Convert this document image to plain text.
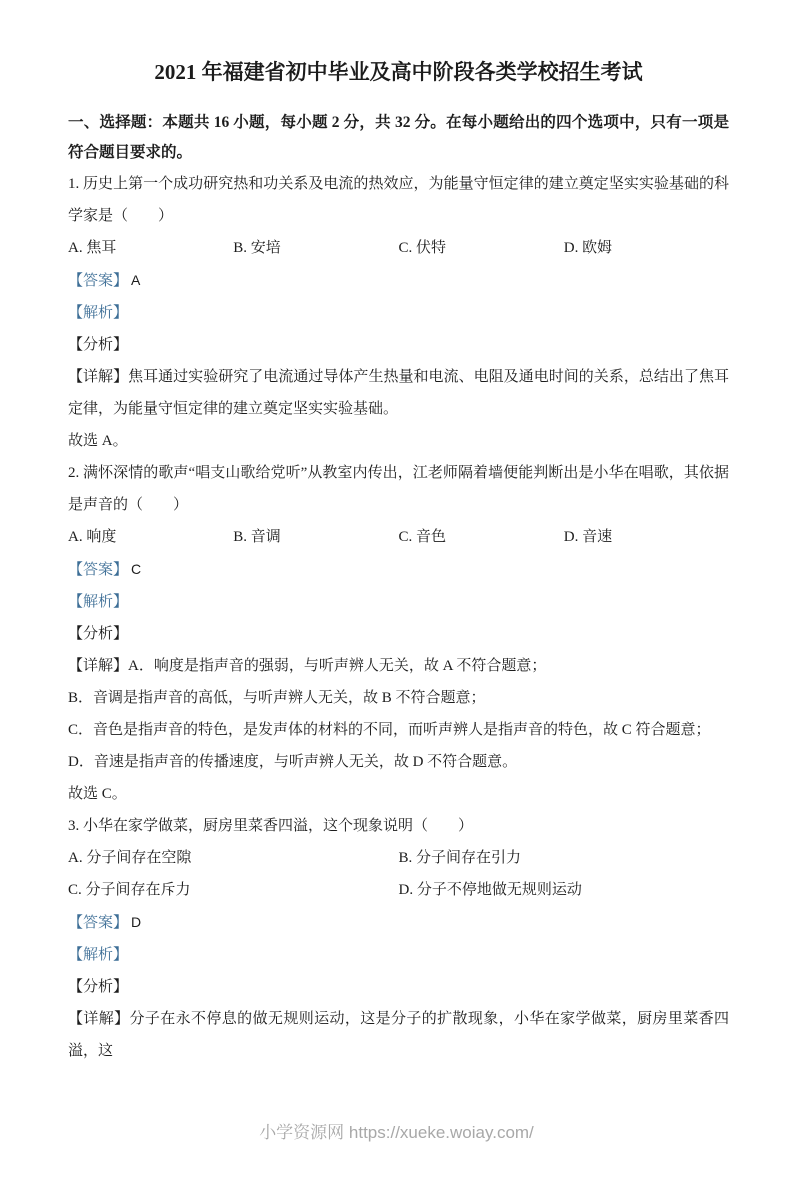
2021 年福建省初中毕业及高中阶段各类学校招生考试

一、选择题：本题共 16 小题，每小题 2 分，共 32 分。在每小题给出的四个选项中，只有一项是符合题目要求的。

1. 历史上第一个成功研究热和功关系及电流的热效应，为能量守恒定律的建立奠定坚实实验基础的科学家是（　　）

A. 焦耳	B. 安培	C. 伏特	D. 欧姆

【答案】 A

【解析】

【分析】

【详解】焦耳通过实验研究了电流通过导体产生热量和电流、电阻及通电时间的关系，总结出了焦耳定律，为能量守恒定律的建立奠定坚实实验基础。

故选 A。

2. 满怀深情的歌声“唱支山歌给党听”从教室内传出，江老师隔着墙便能判断出是小华在唱歌，其依据是声音的（　　）

A. 响度	B. 音调	C. 音色	D. 音速

【答案】 C

【解析】

【分析】

【详解】A．响度是指声音的强弱，与听声辨人无关，故 A 不符合题意；

B．音调是指声音的高低，与听声辨人无关，故 B 不符合题意；

C．音色是指声音的特色，是发声体的材料的不同，而听声辨人是指声音的特色，故 C 符合题意；

D．音速是指声音的传播速度，与听声辨人无关，故 D 不符合题意。

故选 C。

3. 小华在家学做菜，厨房里菜香四溢，这个现象说明（　　）

A. 分子间存在空隙	B. 分子间存在引力
C. 分子间存在斥力	D. 分子不停地做无规则运动

【答案】 D

【解析】

【分析】

【详解】分子在永不停息的做无规则运动，这是分子的扩散现象，小华在家学做菜，厨房里菜香四溢，这

小学资源网 https://xueke.woiay.com/
